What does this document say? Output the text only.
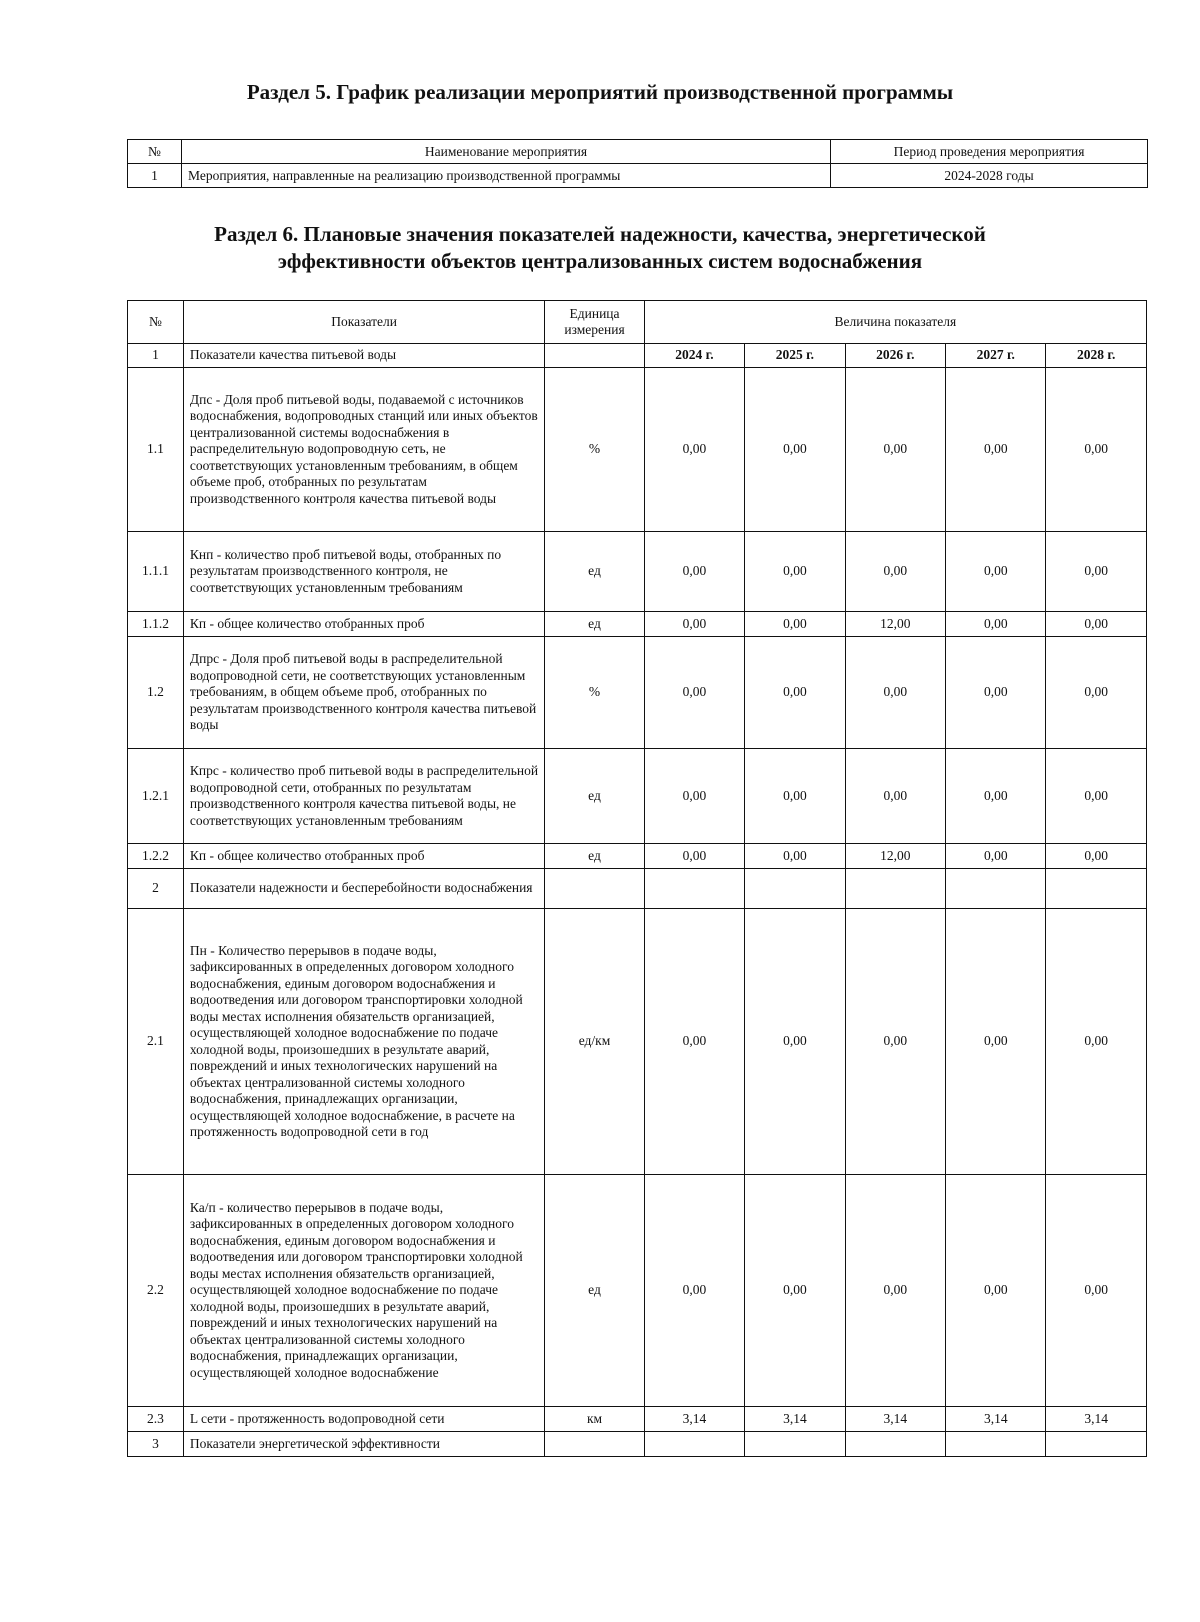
Раздел 5. График реализации мероприятий производственной программы
№	Наименование мероприятия	Период проведения мероприятия
1	Мероприятия, направленные на реализацию производственной программы	2024-2028 годы
Раздел 6. Плановые значения показателей надежности, качества, энергетической
эффективности объектов централизованных систем водоснабжения
№	Показатели	Единица измерения	Величина показателя				
1	Показатели качества питьевой воды		2024 г.	2025 г.	2026 г.	2027 г.	2028 г.
1.1	Дпс - Доля проб питьевой воды, подаваемой с источников водоснабжения, водопроводных станций или иных объектов централизованной системы водоснабжения в распределительную водопроводную сеть, не соответствующих установленным требованиям, в общем объеме проб, отобранных по результатам производственного контроля качества питьевой воды	%	0,00	0,00	0,00	0,00	0,00
1.1.1	Кнп - количество проб питьевой воды, отобранных по результатам производственного контроля, не соответствующих установленным требованиям	ед	0,00	0,00	0,00	0,00	0,00
1.1.2	Кп - общее количество отобранных проб	ед	0,00	0,00	12,00	0,00	0,00
1.2	Дпрс - Доля проб питьевой воды в распределительной водопроводной сети, не соответствующих установленным требованиям, в общем объеме проб, отобранных по результатам производственного контроля качества питьевой воды	%	0,00	0,00	0,00	0,00	0,00
1.2.1	Кпрс - количество проб питьевой воды в распределительной водопроводной сети, отобранных по результатам производственного контроля качества питьевой воды, не соответствующих установленным требованиям	ед	0,00	0,00	0,00	0,00	0,00
1.2.2	Кп - общее количество отобранных проб	ед	0,00	0,00	12,00	0,00	0,00
2	Показатели надежности и бесперебойности водоснабжения						
2.1	Пн - Количество перерывов в подаче воды, зафиксированных в определенных договором холодного водоснабжения, единым договором водоснабжения и водоотведения или договором транспортировки холодной воды местах исполнения обязательств организацией, осуществляющей холодное водоснабжение по подаче холодной воды, произошедших в результате аварий, повреждений и иных технологических нарушений на объектах централизованной системы холодного водоснабжения, принадлежащих организации, осуществляющей холодное водоснабжение, в расчете на протяженность водопроводной сети в год	ед/км	0,00	0,00	0,00	0,00	0,00
2.2	Ка/п - количество перерывов в подаче воды, зафиксированных в определенных договором холодного водоснабжения, единым договором водоснабжения и водоотведения или договором транспортировки холодной воды местах исполнения обязательств организацией, осуществляющей холодное водоснабжение по подаче холодной воды, произошедших в результате аварий, повреждений и иных технологических нарушений на объектах централизованной системы холодного водоснабжения, принадлежащих организации, осуществляющей холодное водоснабжение	ед	0,00	0,00	0,00	0,00	0,00
2.3	L сети - протяженность водопроводной сети	км	3,14	3,14	3,14	3,14	3,14
3	Показатели энергетической эффективности						
